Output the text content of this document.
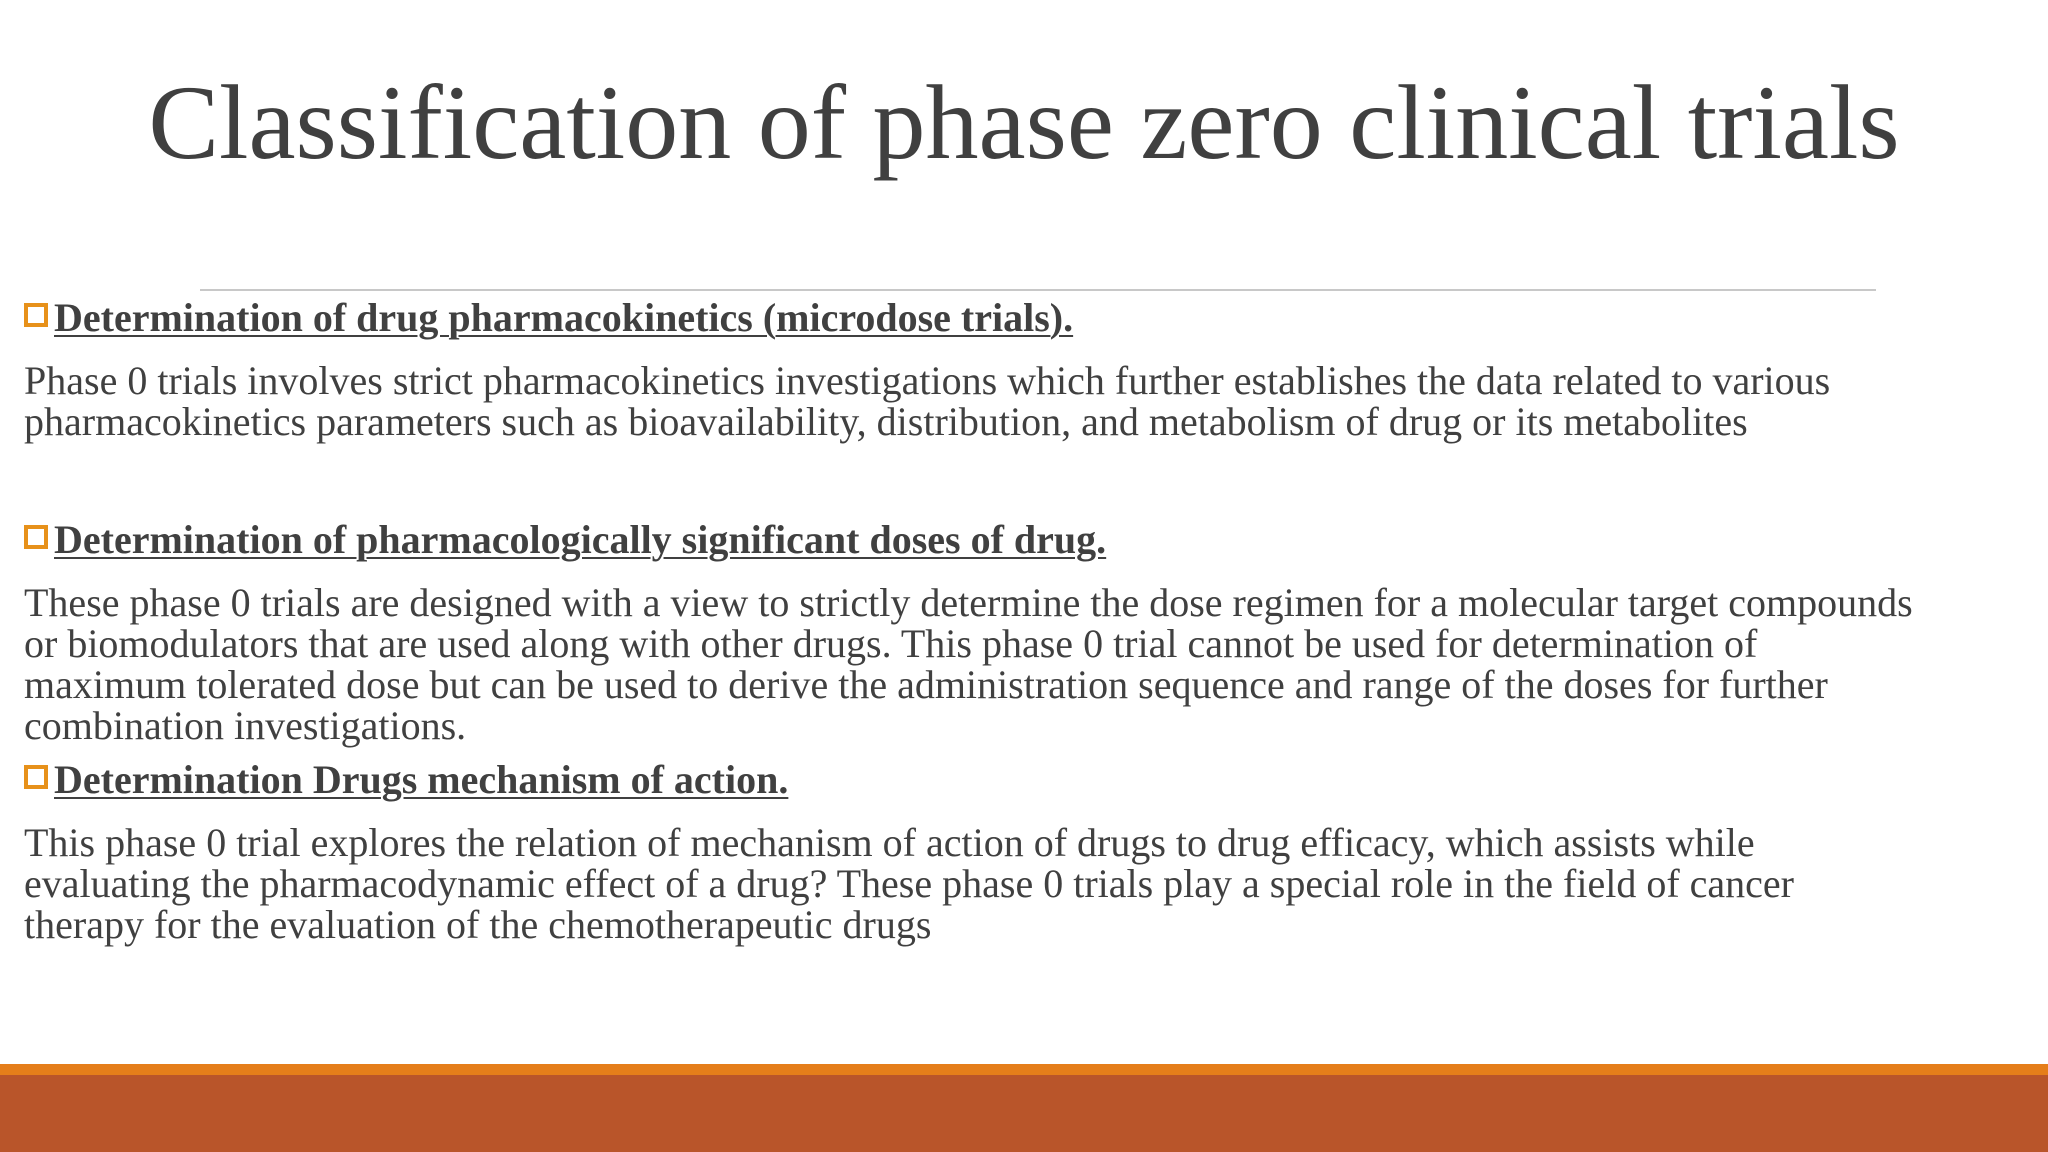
Classification of phase zero clinical trials
Determination of drug pharmacokinetics (microdose trials).

Phase 0 trials involves strict pharmacokinetics investigations which further establishes the data related to various
pharmacokinetics parameters such as bioavailability, distribution, and metabolism of drug or its metabolites

Determination of pharmacologically significant doses of drug.

These phase 0 trials are designed with a view to strictly determine the dose regimen for a molecular target compounds
or biomodulators that are used along with other drugs. This phase 0 trial cannot be used for determination of
maximum tolerated dose but can be used to derive the administration sequence and range of the doses for further
combination investigations.

Determination Drugs mechanism of action.

This phase 0 trial explores the relation of mechanism of action of drugs to drug efficacy, which assists while
evaluating the pharmacodynamic effect of a drug? These phase 0 trials play a special role in the field of cancer
therapy for the evaluation of the chemotherapeutic drugs
